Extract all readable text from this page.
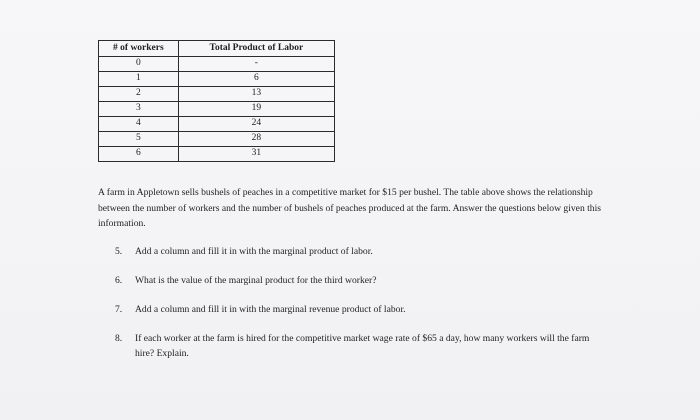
# of workers	Total Product of Labor
0	-
1	6
2	13
3	19
4	24
5	28
6	31

A farm in Appletown sells bushels of peaches in a competitive market for $15 per bushel. The table above shows the relationship between the number of workers and the number of bushels of peaches produced at the farm. Answer the questions below given this information.

5. Add a column and fill it in with the marginal product of labor.
6. What is the value of the marginal product for the third worker?
7. Add a column and fill it in with the marginal revenue product of labor.
8. If each worker at the farm is hired for the competitive market wage rate of $65 a day, how many workers will the farm hire? Explain.
